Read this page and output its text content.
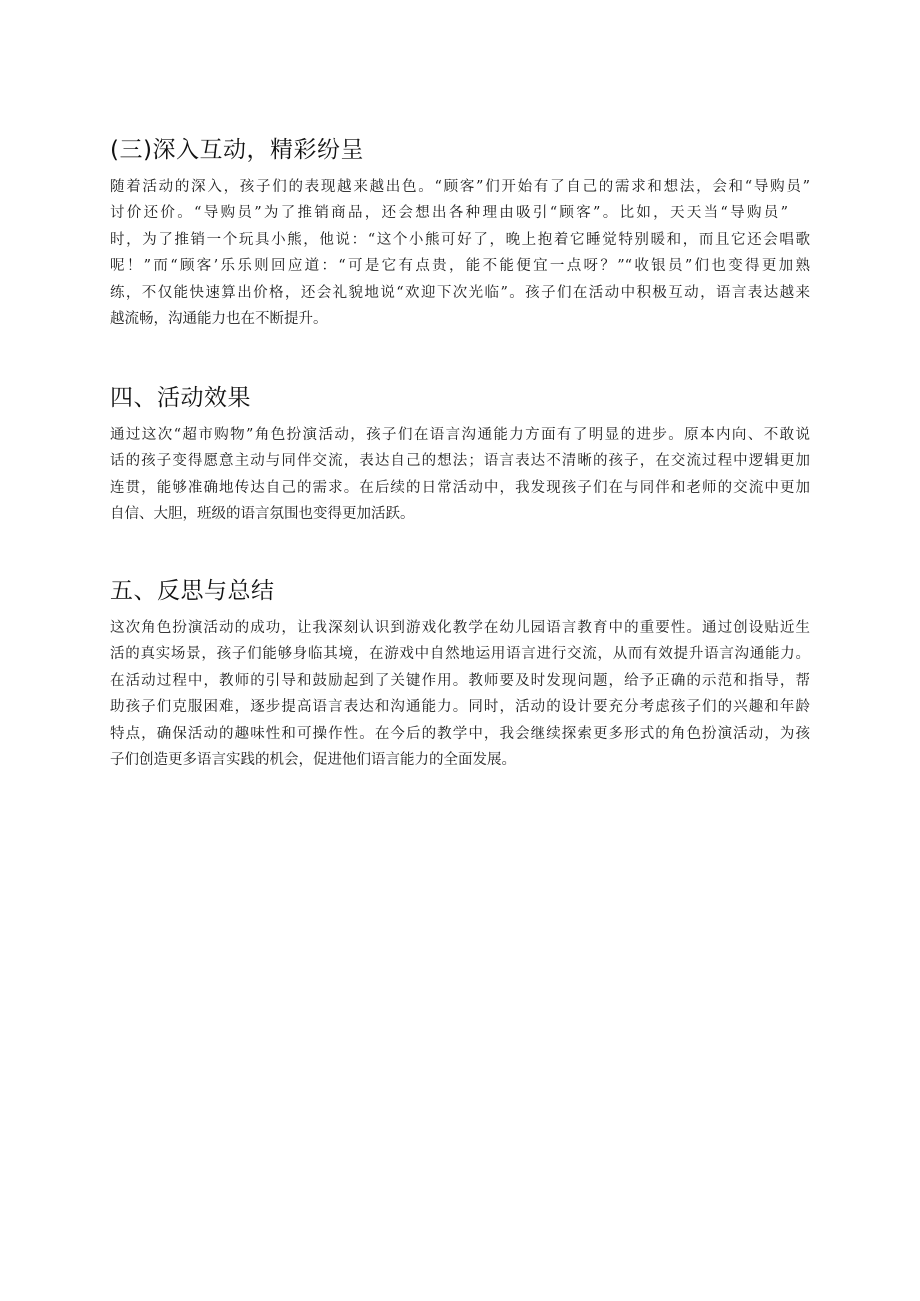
(三)深入互动，精彩纷呈
随着活动的深入，孩子们的表现越来越出色。“顾客”们开始有了自己的需求和想法，会和“导购员”
讨价还价。“导购员”为了推销商品，还会想出各种理由吸引“顾客”。比如，天天当“导购员”
时，为了推销一个玩具小熊，他说：“这个小熊可好了，晚上抱着它睡觉特别暖和，而且它还会唱歌
呢！”而“顾客’乐乐则回应道：“可是它有点贵，能不能便宜一点呀？”“收银员”们也变得更加熟
练，不仅能快速算出价格，还会礼貌地说“欢迎下次光临”。孩子们在活动中积极互动，语言表达越来
越流畅，沟通能力也在不断提升。
四、活动效果
通过这次“超市购物”角色扮演活动，孩子们在语言沟通能力方面有了明显的进步。原本内向、不敢说
话的孩子变得愿意主动与同伴交流，表达自己的想法；语言表达不清晰的孩子，在交流过程中逻辑更加
连贯，能够准确地传达自己的需求。在后续的日常活动中，我发现孩子们在与同伴和老师的交流中更加
自信、大胆，班级的语言氛围也变得更加活跃。
五、反思与总结
这次角色扮演活动的成功，让我深刻认识到游戏化教学在幼儿园语言教育中的重要性。通过创设贴近生
活的真实场景，孩子们能够身临其境，在游戏中自然地运用语言进行交流，从而有效提升语言沟通能力。
在活动过程中，教师的引导和鼓励起到了关键作用。教师要及时发现问题，给予正确的示范和指导，帮
助孩子们克服困难，逐步提高语言表达和沟通能力。同时，活动的设计要充分考虑孩子们的兴趣和年龄
特点，确保活动的趣味性和可操作性。在今后的教学中，我会继续探索更多形式的角色扮演活动，为孩
子们创造更多语言实践的机会，促进他们语言能力的全面发展。
